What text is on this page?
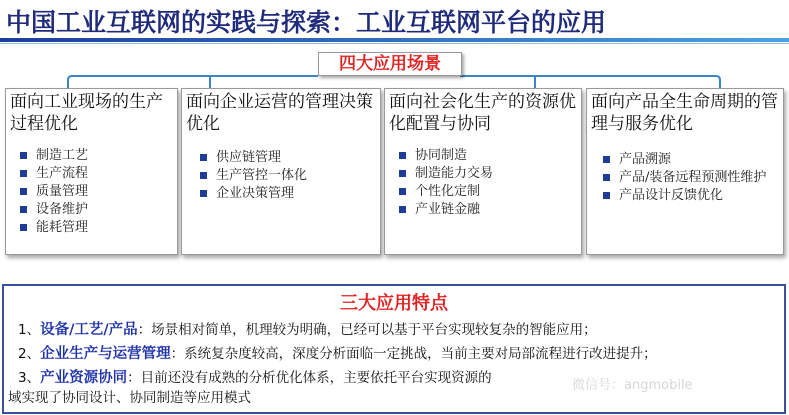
中国工业互联网的实践与探索：工业互联网平台的应用
四大应用场景
面向工业现场的生产过程优化
制造工艺
生产流程
质量管理
设备维护
能耗管理
面向企业运营的管理决策优化
供应链管理
生产管控一体化
企业决策管理
面向社会化生产的资源优化配置与协同
协同制造
制造能力交易
个性化定制
产业链金融
面向产品全生命周期的管理与服务优化
产品溯源
产品/装备远程预测性维护
产品设计反馈优化
三大应用特点
1、设备/工艺/产品：场景相对简单，机理较为明确，已经可以基于平台实现较复杂的智能应用；
2、企业生产与运营管理：系统复杂度较高，深度分析面临一定挑战，当前主要对局部流程进行改进提升；
3、产业资源协同：目前还没有成熟的分析优化体系，主要依托平台实现资源的
域实现了协同设计、协同制造等应用模式
微信号：angmobile
